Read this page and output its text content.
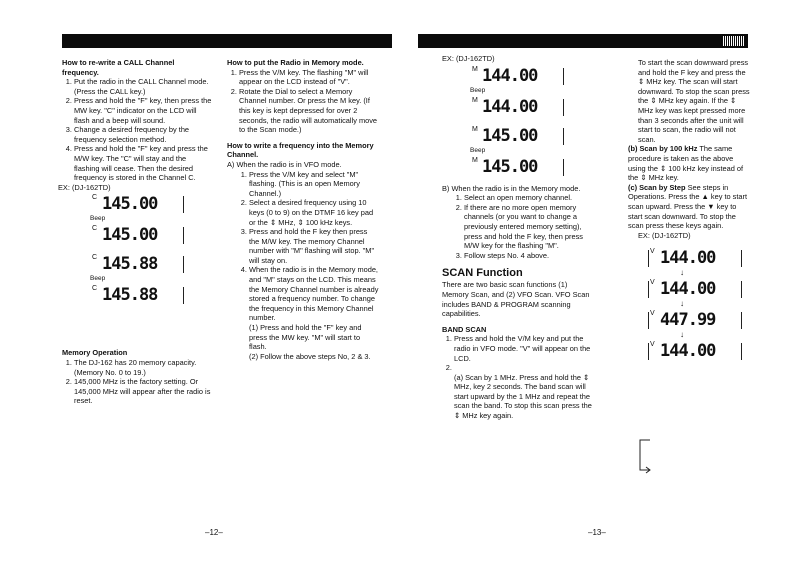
How to re-write a CALL Channel frequency.

1. Put the radio in the CALL Channel mode. (Press the CALL key.)
2. Press and hold the "F" key, then press the MW key. "C" indicator on the LCD will flash and a beep will sound.
3. Change a desired frequency by the frequency selection method.
4. Press and hold the "F" key and press the M/W key. The "C" will stay and the flashing will cease. Then the desired frequency is stored in the Channel C.

EX: (DJ-162TD)

C 145.00
Beep
C 145.00
C 145.88
Beep
C 145.88

Memory Operation

1. The DJ-162 has 20 memory capacity. (Memory No. 0 to 19.)
2. 145,000 MHz is the factory setting. Or 145,000 MHz will appear after the radio is reset.

How to put the Radio in Memory mode.

1. Press the V/M key. The flashing "M" will appear on the LCD instead of "V".
2. Rotate the Dial to select a Memory Channel number. Or press the M key. (If this key is kept depressed for over 2 seconds, the radio will automatically move to the Scan mode.)

How to write a frequency into the Memory Channel.

A) When the radio is in VFO mode.

1. Press the V/M key and select "M" flashing. (This is an open Memory Channel.)
2. Select a desired frequency using 10 keys (0 to 9) on the DTMF 16 key pad or the ⇕ MHz, ⇕ 100 kHz keys.
3. Press and hold the F key then press the M/W key. The memory Channel number with "M" flashing will stop. "M" will stay on.
4. When the radio is in the Memory mode, and "M" stays on the LCD. This means the Memory Channel number is already stored a frequency number. To change the frequency in this Memory Channel number.
(1) Press and hold the "F" key and press the MW key. "M" will start to flash.
(2) Follow the above steps No, 2 & 3.
–12–

EX: (DJ-162TD)

M 144.00
Beep
M 144.00
M 145.00
Beep
M 145.00

B) When the radio is in the Memory mode.

1. Select an open memory channel.
2. If there are no more open memory channels (or you want to change a previously entered memory setting), press and hold the F key, then press M/W key for the flashing "M".
3. Follow steps No. 4 above.

SCAN Function

There are two basic scan functions (1) Memory Scan, and (2) VFO Scan. VFO Scan includes BAND & PROGRAM scanning capabilities.

BAND SCAN

1. Press and hold the V/M key and put the radio in VFO mode. "V" will appear on the LCD.
2.

(a) Scan by 1 MHz. Press and hold the ⇕ MHz, key 2 seconds. The band scan will start upward by the 1 MHz and repeat the scan the band. To stop this scan press the ⇕ MHz key again.

To start the scan downward press and hold the F key and press the ⇕ MHz key. The scan will start downward. To stop the scan press the ⇕ MHz key again. If the ⇕ MHz key was kept pressed more than 3 seconds after the unit will start to scan, the radio will not scan.

(b) Scan by 100 kHz The same procedure is taken as the above using the ⇕ 100 kHz key instead of the ⇕ MHz key.

(c) Scan by Step See steps in Operations. Press the ▲ key to start scan upward. Press the ▼ key to start scan downward. To stop the scan press these keys again.

EX: (DJ-162TD)

V 144.00
↓
V 144.00
↓
V 447.99
↓
V 144.00
–13–
